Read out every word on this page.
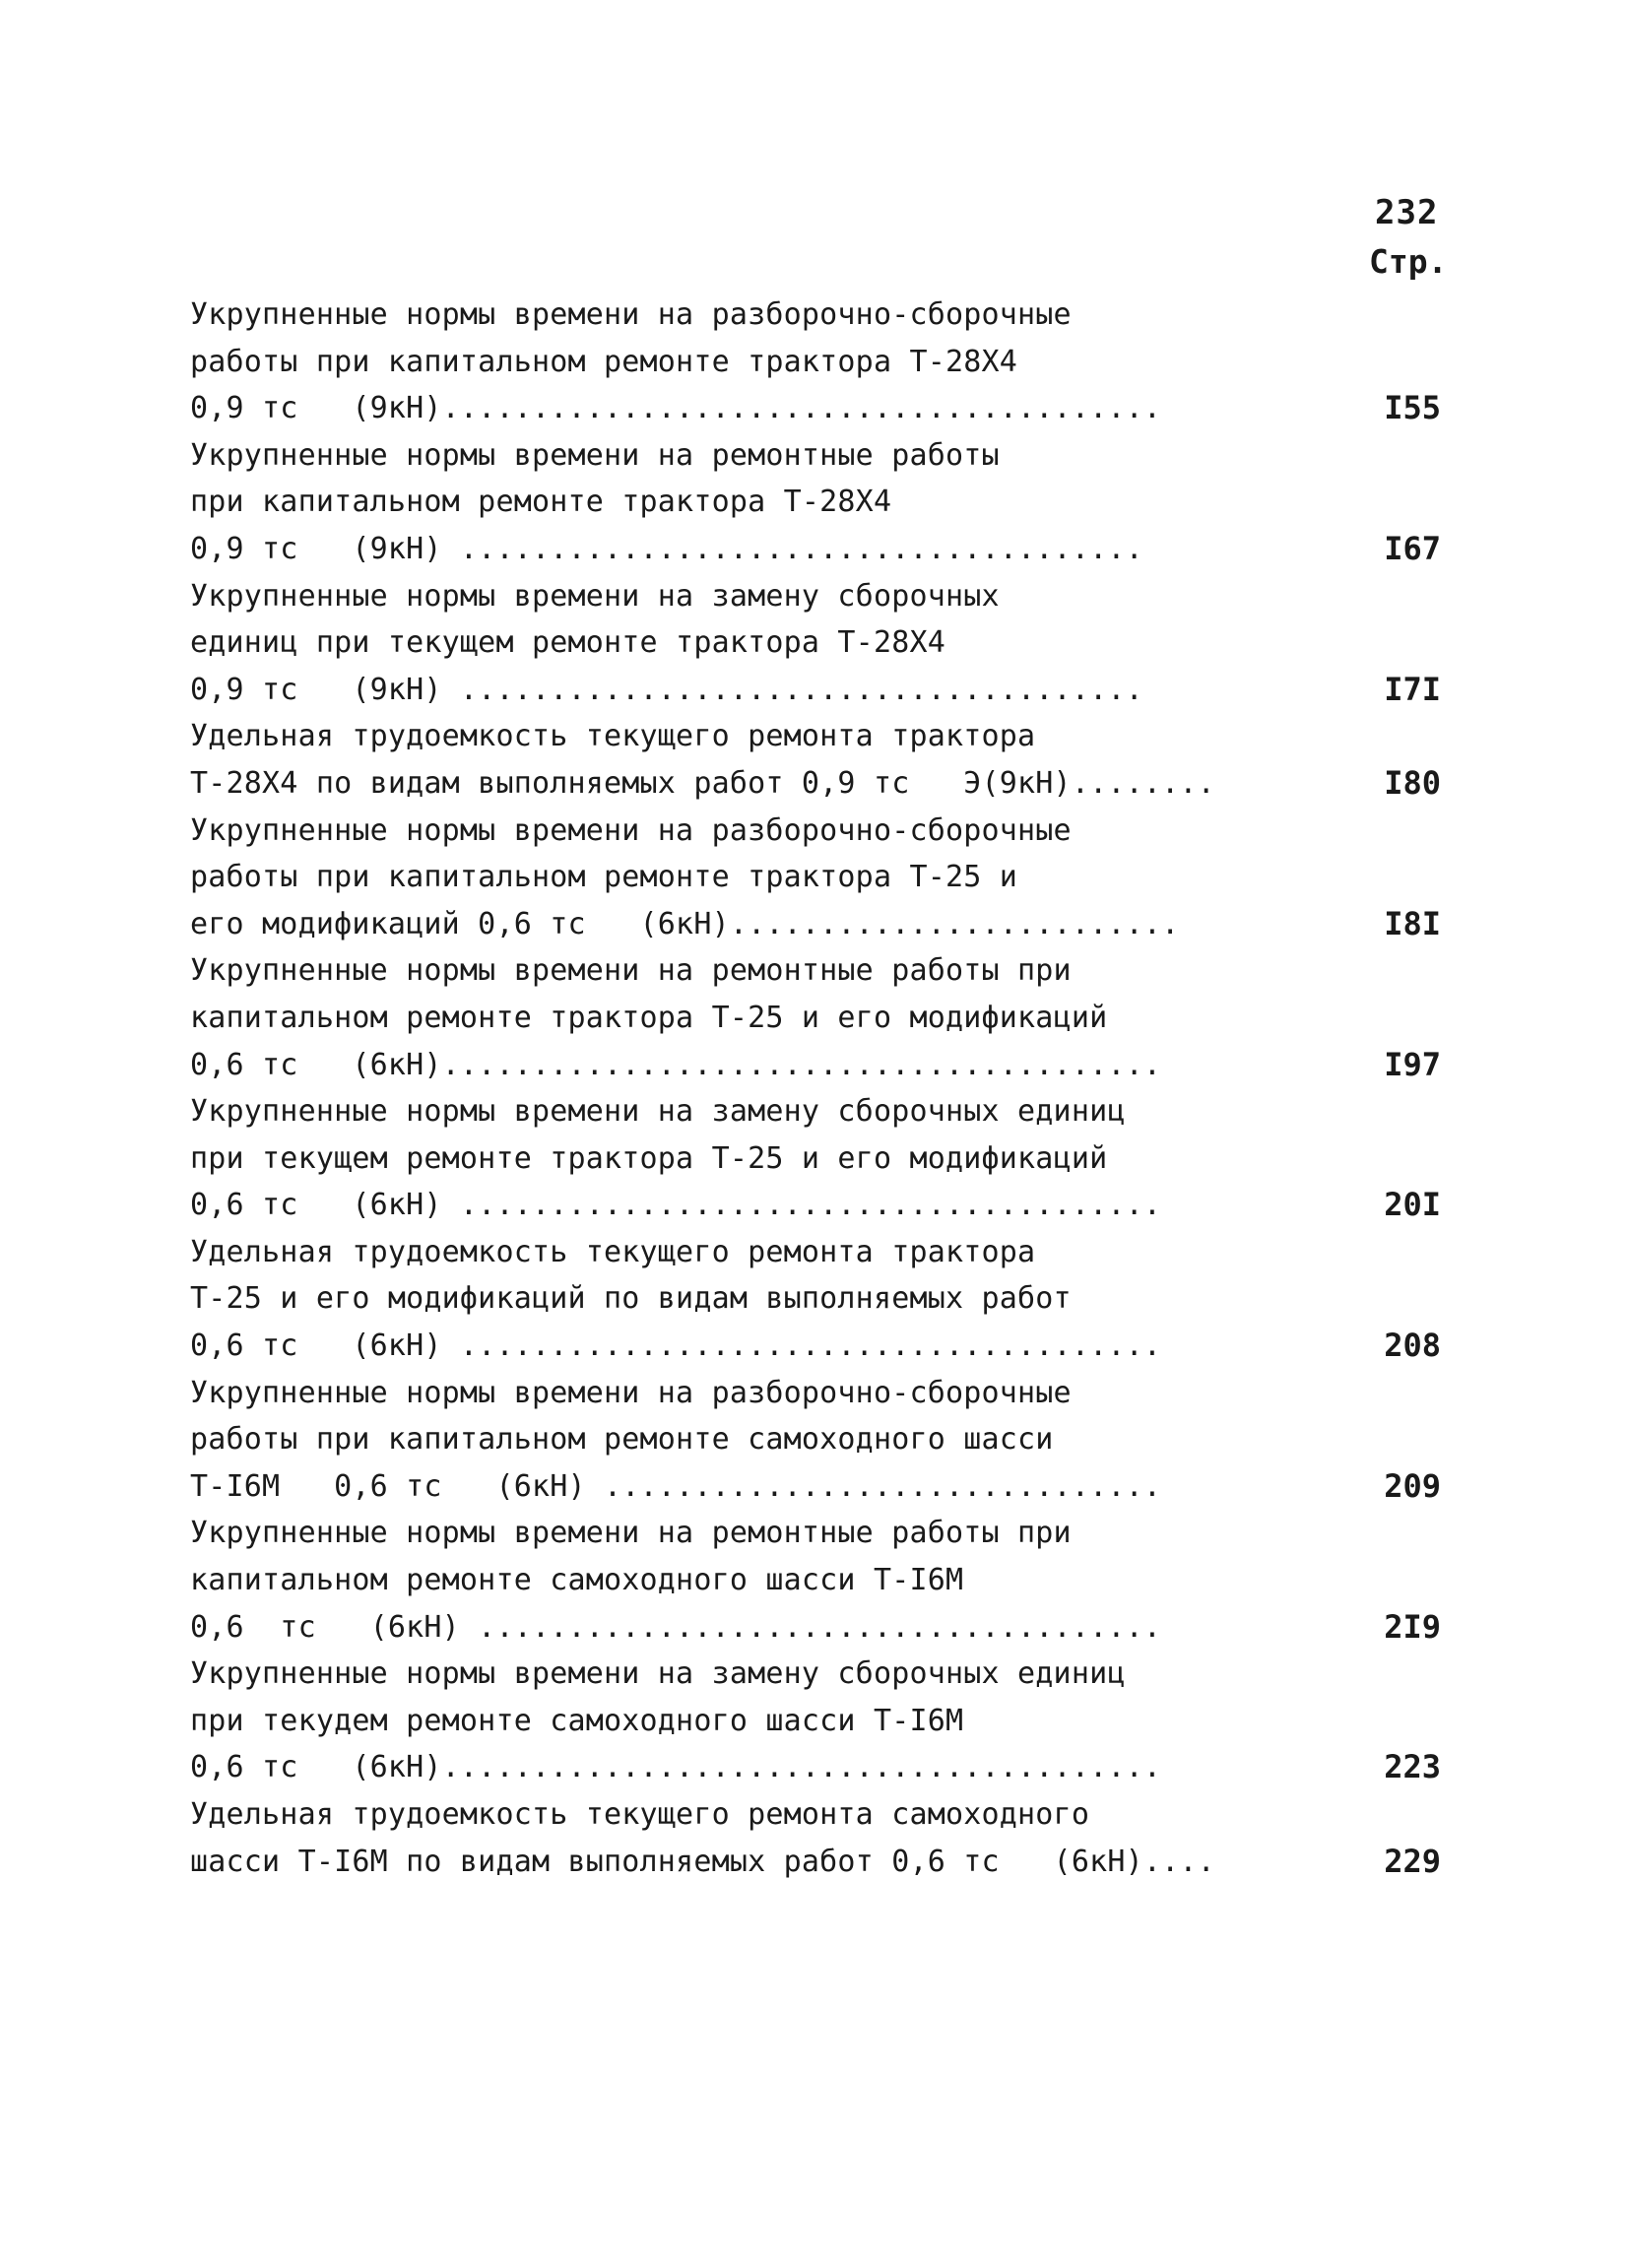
232
Стр.
Укрупненные нормы времени на разборочно-сборочные
работы при капитальном ремонте трактора Т-28Х4
0,9 тс   (9кН)........................................	I55
Укрупненные нормы времени на ремонтные работы
при капитальном ремонте трактора Т-28Х4
0,9 тс   (9кН) ......................................	I67
Укрупненные нормы времени на замену сборочных
единиц при текущем ремонте трактора Т-28Х4
0,9 тс   (9кН) ......................................	I7I
Удельная трудоемкость текущего ремонта трактора
Т-28Х4 по видам выполняемых работ 0,9 тс   Э(9кН)........	I80
Укрупненные нормы времени на разборочно-сборочные
работы при капитальном ремонте трактора Т-25 и
его модификаций 0,6 тс   (6кН).........................	I8I
Укрупненные нормы времени на ремонтные работы при
капитальном ремонте трактора Т-25 и его модификаций
0,6 тс   (6кН)........................................	I97
Укрупненные нормы времени на замену сборочных единиц
при текущем ремонте трактора Т-25 и его модификаций
0,6 тс   (6кН) .......................................	20I
Удельная трудоемкость текущего ремонта трактора
Т-25 и его модификаций по видам выполняемых работ
0,6 тс   (6кН) .......................................	208
Укрупненные нормы времени на разборочно-сборочные
работы при капитальном ремонте самоходного шасси
Т-I6М   0,6 тс   (6кН) ...............................	209
Укрупненные нормы времени на ремонтные работы при
капитальном ремонте самоходного шасси Т-I6М
0,6  тс   (6кН) ......................................	2I9
Укрупненные нормы времени на замену сборочных единиц
при текудем ремонте самоходного шасси Т-I6М
0,6 тс   (6кН)........................................	223
Удельная трудоемкость текущего ремонта самоходного
шасси Т-I6М по видам выполняемых работ 0,6 тс   (6кН)....	229
